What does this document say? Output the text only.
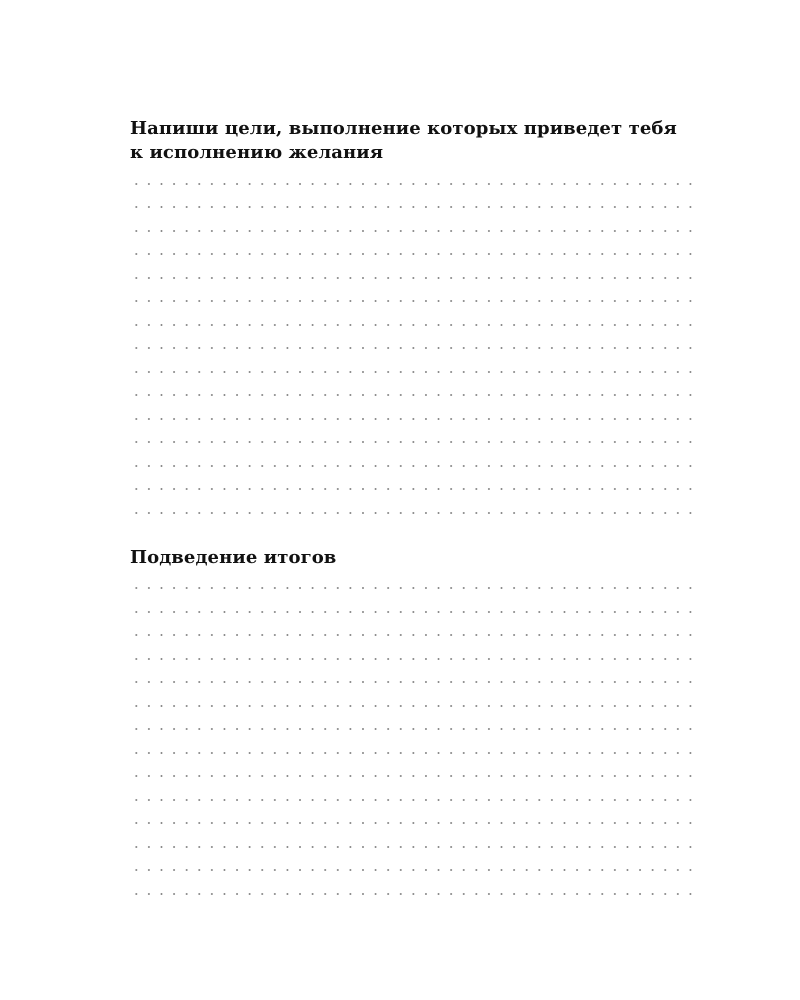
Напиши цели, выполнение которых приведет тебя
к исполнению желания
Подведение итогов
